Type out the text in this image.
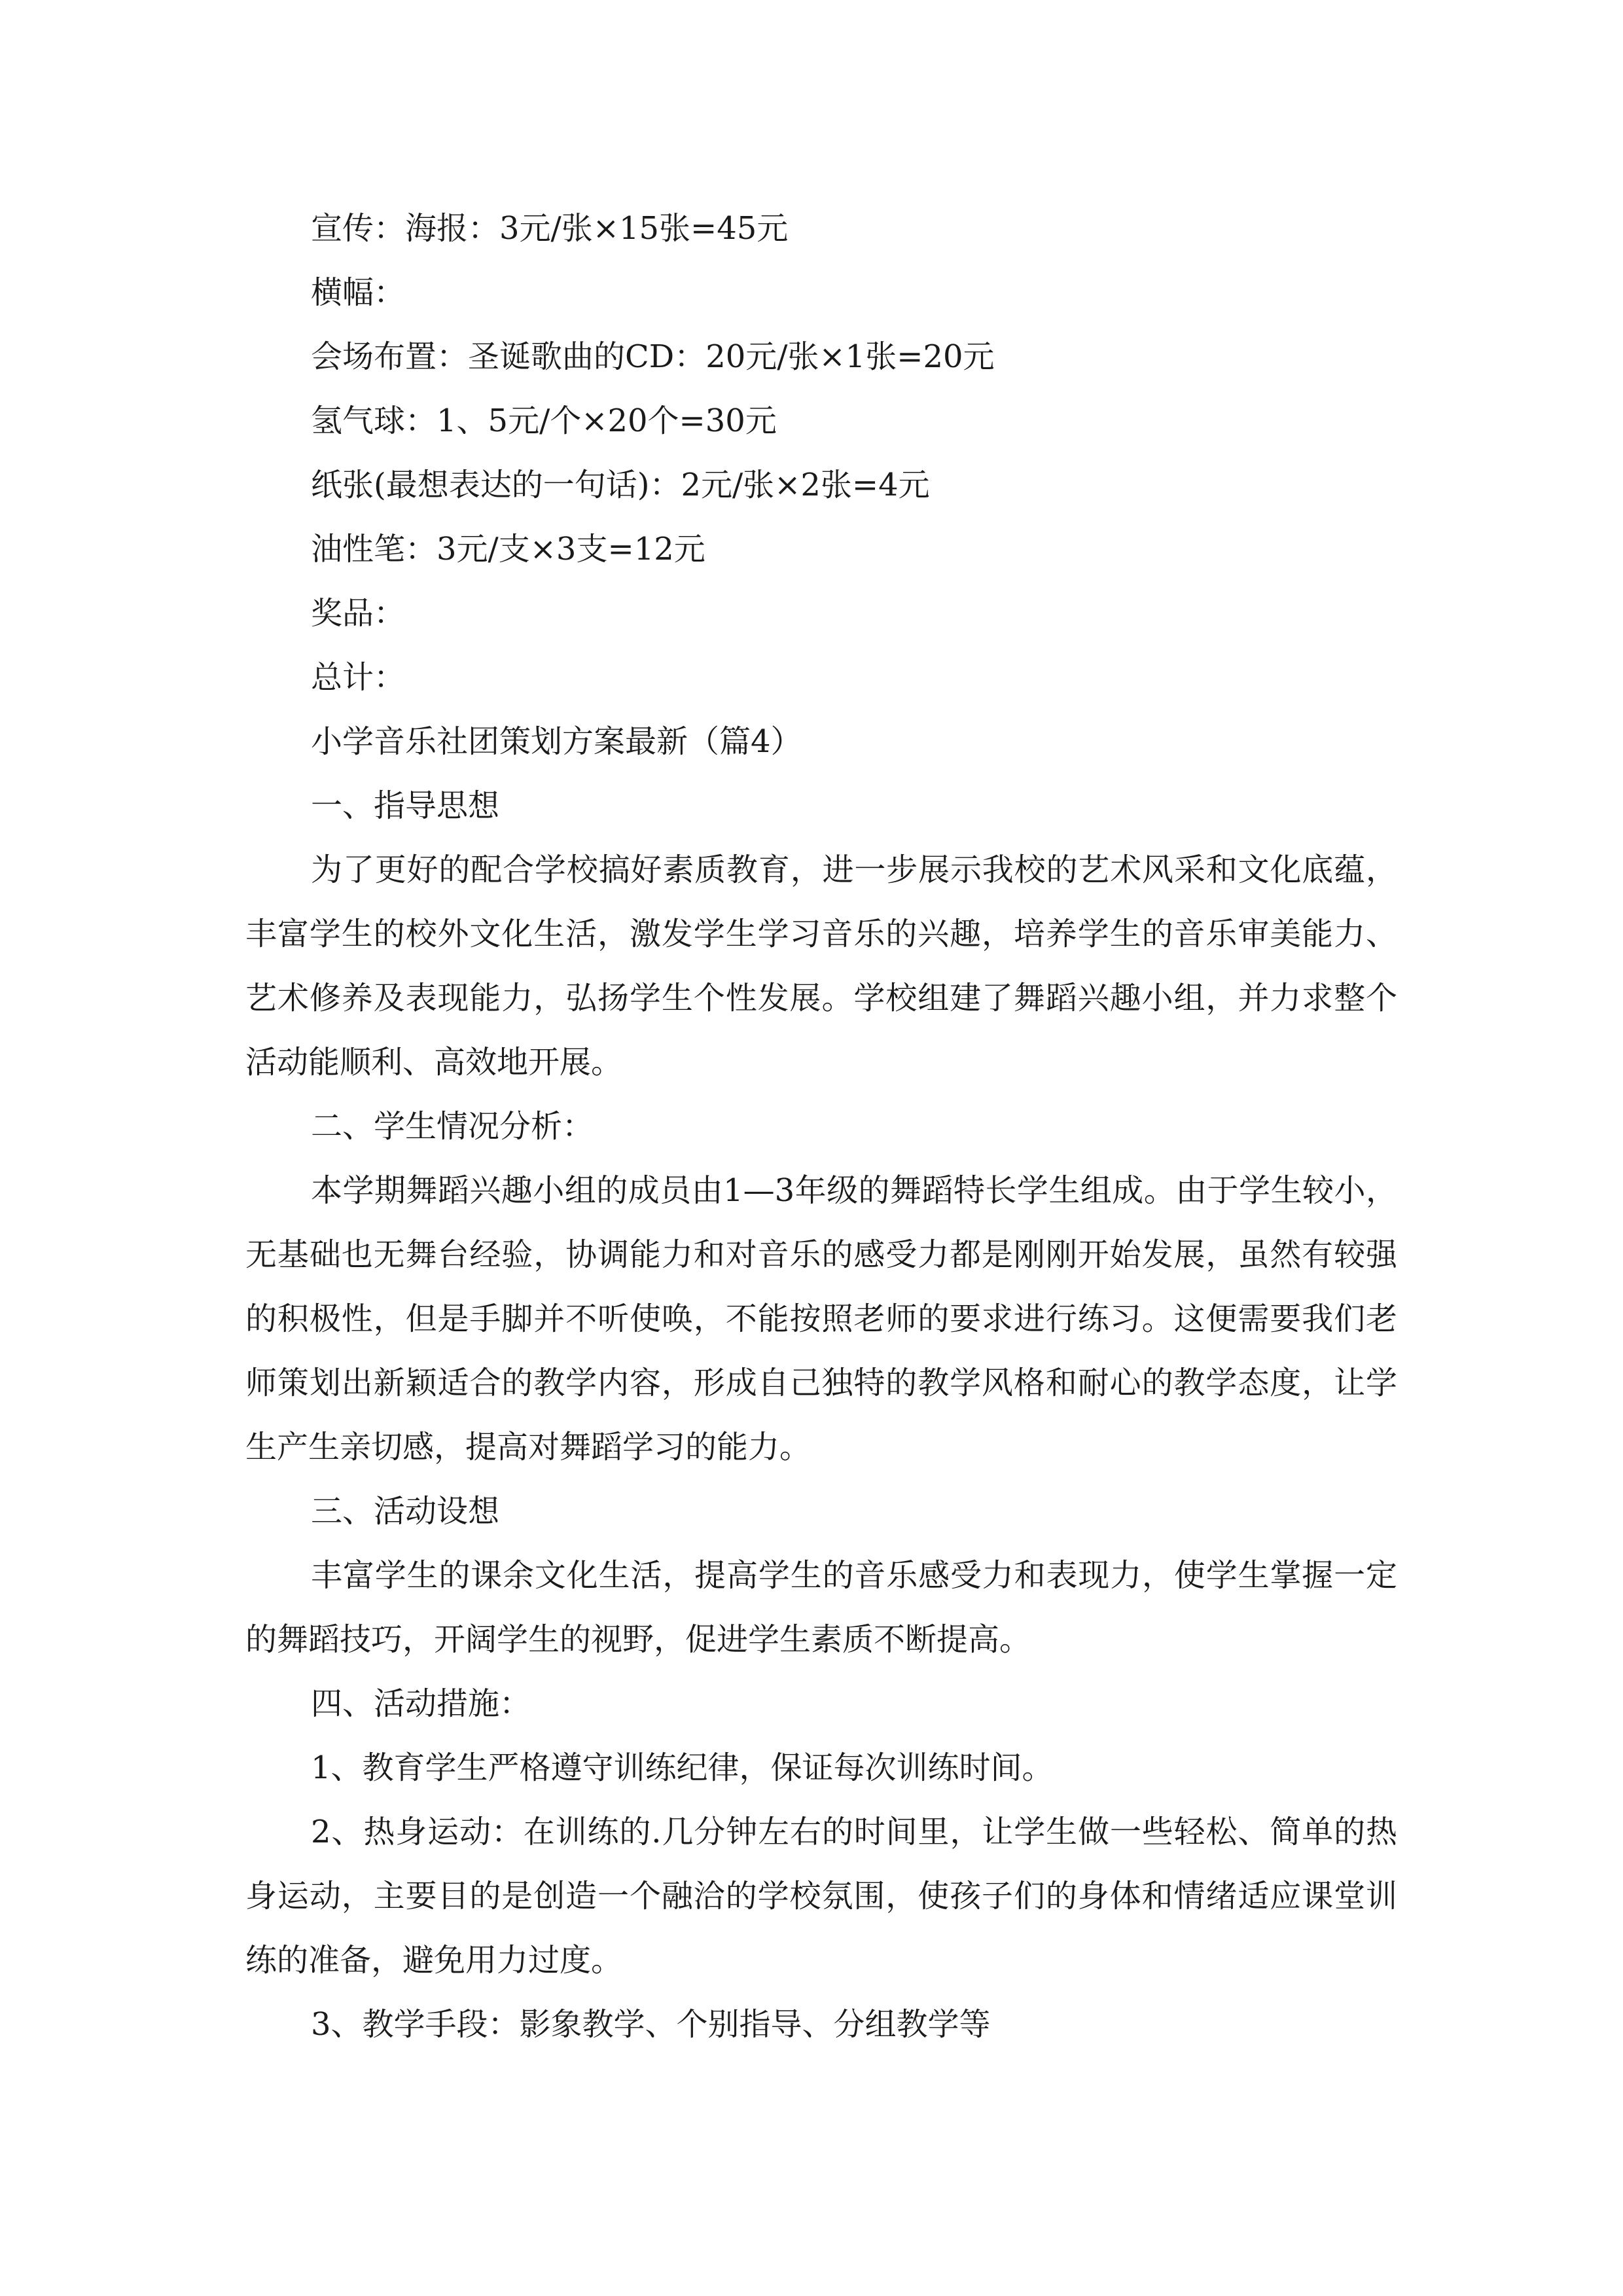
宣传：海报：3元/张×15张=45元
横幅：
会场布置：圣诞歌曲的CD：20元/张×1张=20元
氢气球：1、5元/个×20个=30元
纸张(最想表达的一句话)：2元/张×2张=4元
油性笔：3元/支×3支=12元
奖品：
总计：
小学音乐社团策划方案最新（篇4）
一、指导思想
为了更好的配合学校搞好素质教育，进一步展示我校的艺术风采和文化底蕴，丰富学生的校外文化生活，激发学生学习音乐的兴趣，培养学生的音乐审美能力、艺术修养及表现能力，弘扬学生个性发展。学校组建了舞蹈兴趣小组，并力求整个活动能顺利、高效地开展。
二、学生情况分析：
本学期舞蹈兴趣小组的成员由1—3年级的舞蹈特长学生组成。由于学生较小，无基础也无舞台经验，协调能力和对音乐的感受力都是刚刚开始发展，虽然有较强的积极性，但是手脚并不听使唤，不能按照老师的要求进行练习。这便需要我们老师策划出新颖适合的教学内容，形成自己独特的教学风格和耐心的教学态度，让学生产生亲切感，提高对舞蹈学习的能力。
三、活动设想
丰富学生的课余文化生活，提高学生的音乐感受力和表现力，使学生掌握一定的舞蹈技巧，开阔学生的视野，促进学生素质不断提高。
四、活动措施：
1、教育学生严格遵守训练纪律，保证每次训练时间。
2、热身运动：在训练的.几分钟左右的时间里，让学生做一些轻松、简单的热身运动，主要目的是创造一个融洽的学校氛围，使孩子们的身体和情绪适应课堂训练的准备，避免用力过度。
3、教学手段：影象教学、个别指导、分组教学等
